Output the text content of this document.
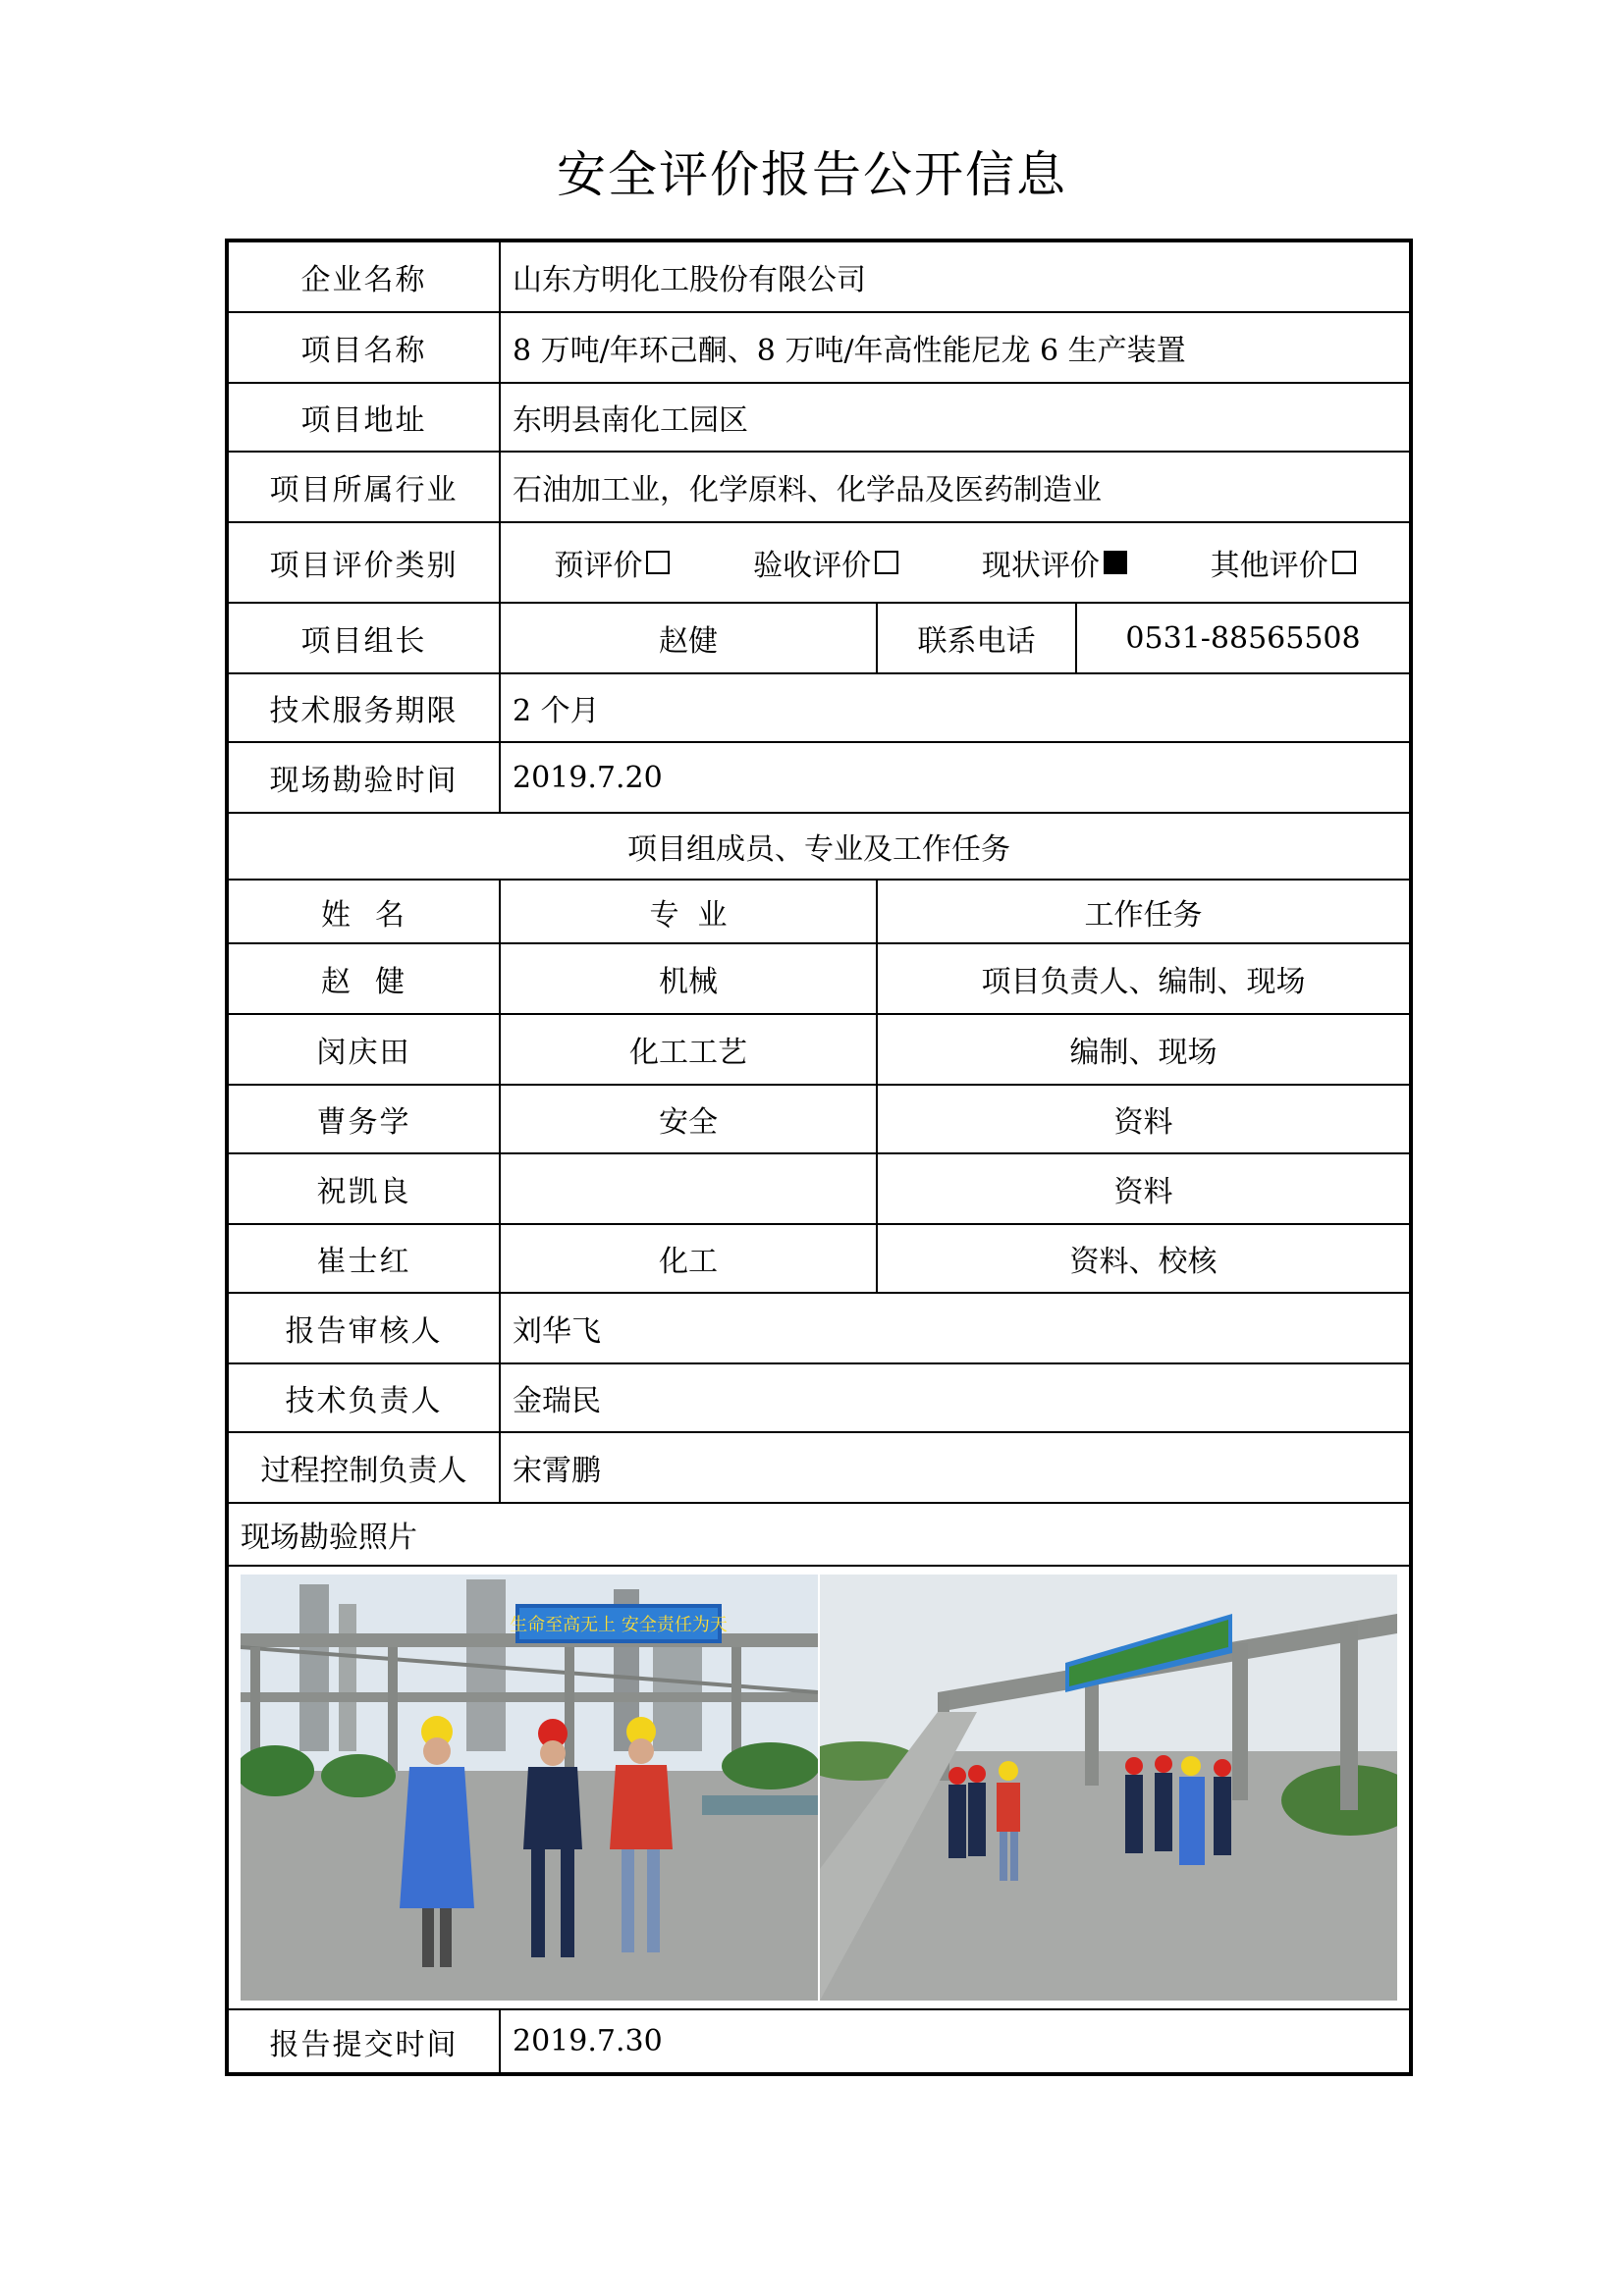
安全评价报告公开信息
企业名称	山东方明化工股份有限公司		
项目名称	8 万吨/年环己酮、8 万吨/年高性能尼龙 6 生产装置		
项目地址	东明县南化工园区		
项目所属行业	石油加工业，化学原料、化学品及医药制造业		
项目评价类别	预评价 验收评价 现状评价 其他评价		

项目组长	赵健	联系电话	0531-88565508
技术服务期限	2 个月		
现场勘验时间	2019.7.20		
项目组成员、专业及工作任务			
姓  名	专  业	工作任务	
赵  健	机械	项目负责人、编制、现场	
闵庆田	化工工艺	编制、现场	
曹务学	安全	资料	
祝凯良		资料	
崔士红	化工	资料、校核	
报告审核人	刘华飞		
技术负责人	金瑞民		
过程控制负责人	宋霄鹏		
现场勘验照片			

生命至高无上 安全责任为天			

报告提交时间	2019.7.30		
